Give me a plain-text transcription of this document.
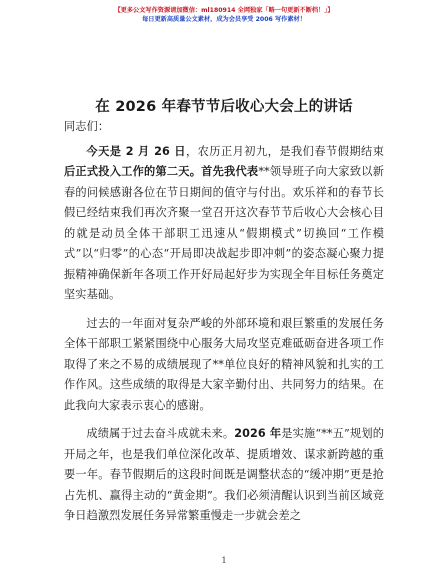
【更多公文写作资源请加微信：ml180914 全网独家「略一句更新不断档！」】
每日更新高质量公文素材，成为会员享受 2006 写作素材！
在 2026 年春节节后收心大会上的讲话

同志们：

今天是 2 月 26 日，农历正月初九，是我们春节假期结束后正式投入工作的第二天。首先我代表**领导班子向大家致以新春的问候感谢各位在节日期间的值守与付出。欢乐祥和的春节长假已经结束我们再次齐聚一堂召开这次春节节后收心大会核心目的就是动员全体干部职工迅速从“假期模式”切换回“工作模式”以“归零”的心态“开局即决战起步即冲刺”的姿态凝心聚力提振精神确保新年各项工作开好局起好步为实现全年目标任务奠定坚实基础。

过去的一年面对复杂严峻的外部环境和艰巨繁重的发展任务全体干部职工紧紧围绕中心服务大局攻坚克难砥砺奋进各项工作取得了来之不易的成绩展现了**单位良好的精神风貌和扎实的工作作风。这些成绩的取得是大家辛勤付出、共同努力的结果。在此我向大家表示衷心的感谢。

成绩属于过去奋斗成就未来。2026 年是实施“**五”规划的开局之年，也是我们单位深化改革、提质增效、谋求新跨越的重要一年。春节假期后的这段时间既是调整状态的“缓冲期”更是抢占先机、赢得主动的“黄金期”。我们必须清醒认识到当前区域竞争日趋激烈发展任务异常繁重慢走一步就会差之

1
